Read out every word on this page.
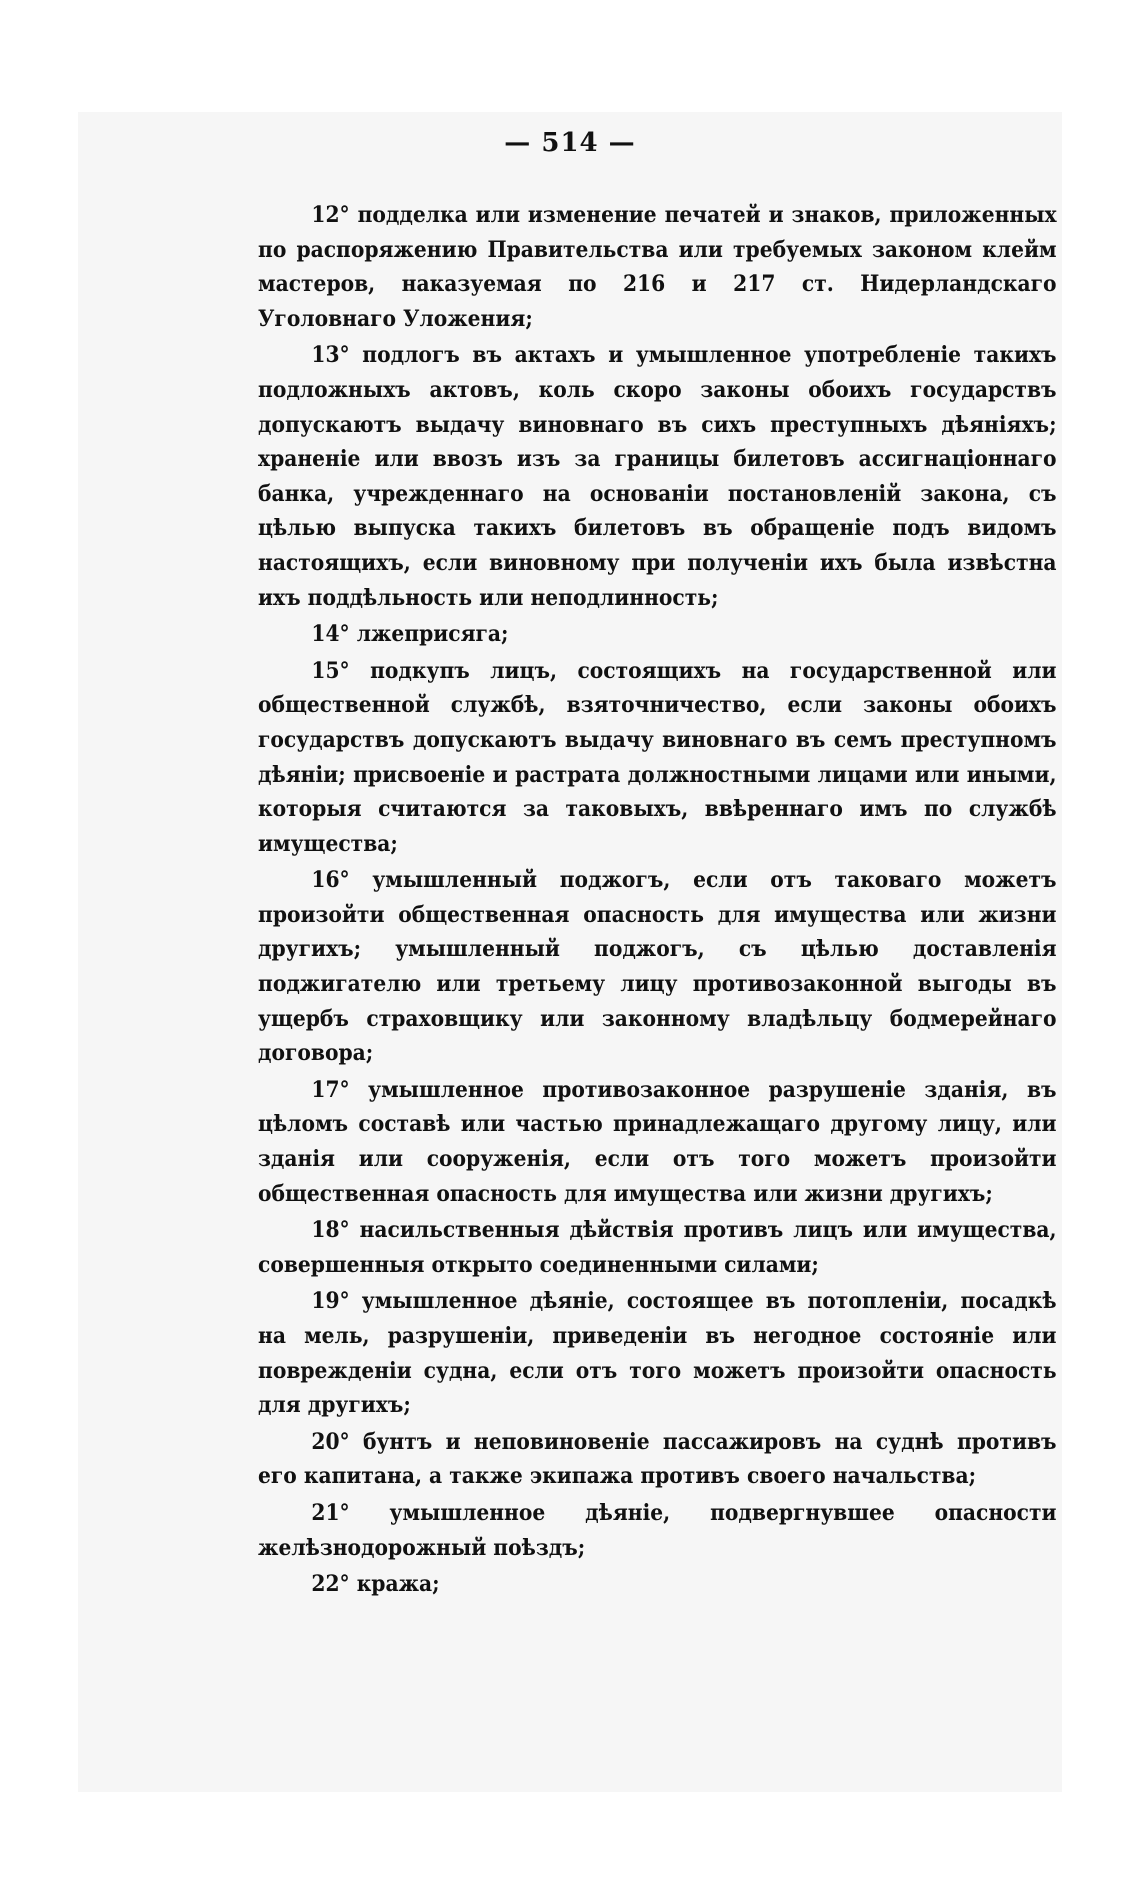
— 514 —

12° подделка или изменение печатей и знаков, приложенных по распоряжению Правительства или требуемых законом клейм мастеров, наказуемая по 216 и 217 ст. Нидерландскаго Уголовнаго Уложения;

13° подлогъ въ актахъ и умышленное употребленіе такихъ подложныхъ актовъ, коль скоро законы обоихъ государствъ допускаютъ выдачу виновнаго въ сихъ преступныхъ дѣяніяхъ; храненіе или ввозъ изъ за границы билетовъ ассигнаціоннаго банка, учрежденнаго на основаніи постановленій закона, съ цѣлью выпуска такихъ билетовъ въ обращеніе подъ видомъ настоящихъ, если виновному при полученіи ихъ была извѣстна ихъ поддѣльность или неподлинность;

14° лжеприсяга;

15° подкупъ лицъ, состоящихъ на государственной или общественной службѣ, взяточничество, если законы обоихъ государствъ допускаютъ выдачу виновнаго въ семъ преступномъ дѣяніи; присвоеніе и растрата должностными лицами или иными, которыя считаются за таковыхъ, ввѣреннаго имъ по службѣ имущества;

16° умышленный поджогъ, если отъ таковаго можетъ произойти общественная опасность для имущества или жизни другихъ; умышленный поджогъ, съ цѣлью доставленія поджигателю или третьему лицу противозаконной выгоды въ ущербъ страховщику или законному владѣльцу бодмерейнаго договора;

17° умышленное противозаконное разрушеніе зданія, въ цѣломъ составѣ или частью принадлежащаго другому лицу, или зданія или сооруженія, если отъ того можетъ произойти общественная опасность для имущества или жизни другихъ;

18° насильственныя дѣйствія противъ лицъ или имущества, совершенныя открыто соединенными силами;

19° умышленное дѣяніе, состоящее въ потопленіи, посадкѣ на мель, разрушеніи, приведеніи въ негодное состояніе или поврежденіи судна, если отъ того можетъ произойти опасность для другихъ;

20° бунтъ и неповиновеніе пассажировъ на суднѣ противъ его капитана, а также экипажа противъ своего начальства;

21° умышленное дѣяніе, подвергнувшее опасности желѣзнодорожный поѣздъ;

22° кража;
